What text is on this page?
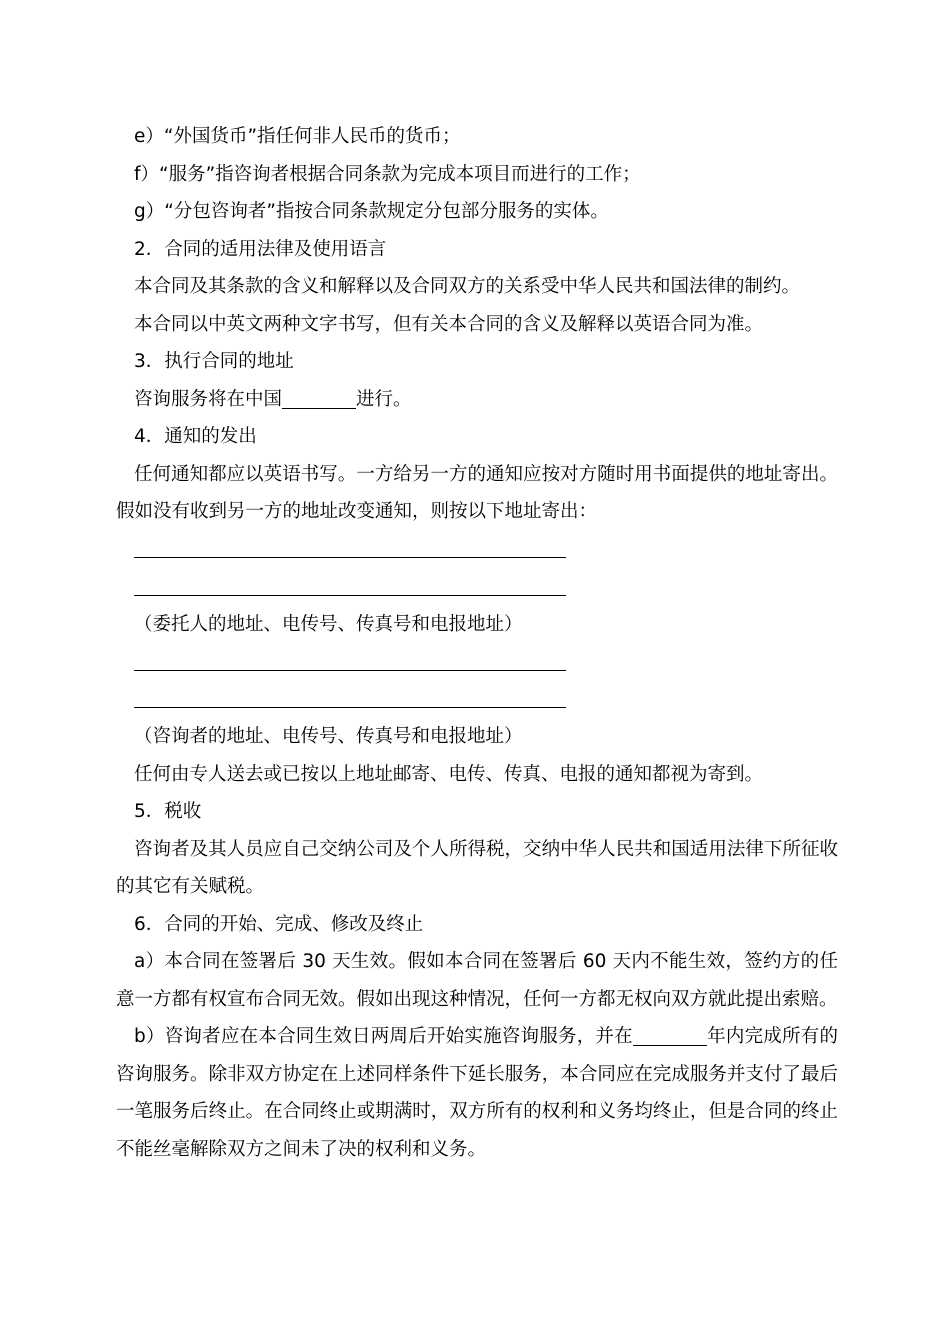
e）“外国货币”指任何非人民币的货币；

f）“服务”指咨询者根据合同条款为完成本项目而进行的工作；

g）“分包咨询者”指按合同条款规定分包部分服务的实体。

2．合同的适用法律及使用语言

本合同及其条款的含义和解释以及合同双方的关系受中华人民共和国法律的制约。

本合同以中英文两种文字书写，但有关本合同的含义及解释以英语合同为准。

3．执行合同的地址

咨询服务将在中国	进行。

4．通知的发出

任何通知都应以英语书写。一方给另一方的通知应按对方随时用书面提供的地址寄出。假如没有收到另一方的地址改变通知，则按以下地址寄出：

（委托人的地址、电传号、传真号和电报地址）

（咨询者的地址、电传号、传真号和电报地址）

任何由专人送去或已按以上地址邮寄、电传、传真、电报的通知都视为寄到。

5．税收

咨询者及其人员应自己交纳公司及个人所得税，交纳中华人民共和国适用法律下所征收的其它有关赋税。

6．合同的开始、完成、修改及终止

a）本合同在签署后 30 天生效。假如本合同在签署后 60 天内不能生效，签约方的任意一方都有权宣布合同无效。假如出现这种情况，任何一方都无权向双方就此提出索赔。

b）咨询者应在本合同生效日两周后开始实施咨询服务，并在	年内完成所有的咨询服务。除非双方协定在上述同样条件下延长服务，本合同应在完成服务并支付了最后一笔服务后终止。在合同终止或期满时，双方所有的权利和义务均终止，但是合同的终止不能丝毫解除双方之间未了决的权利和义务。
